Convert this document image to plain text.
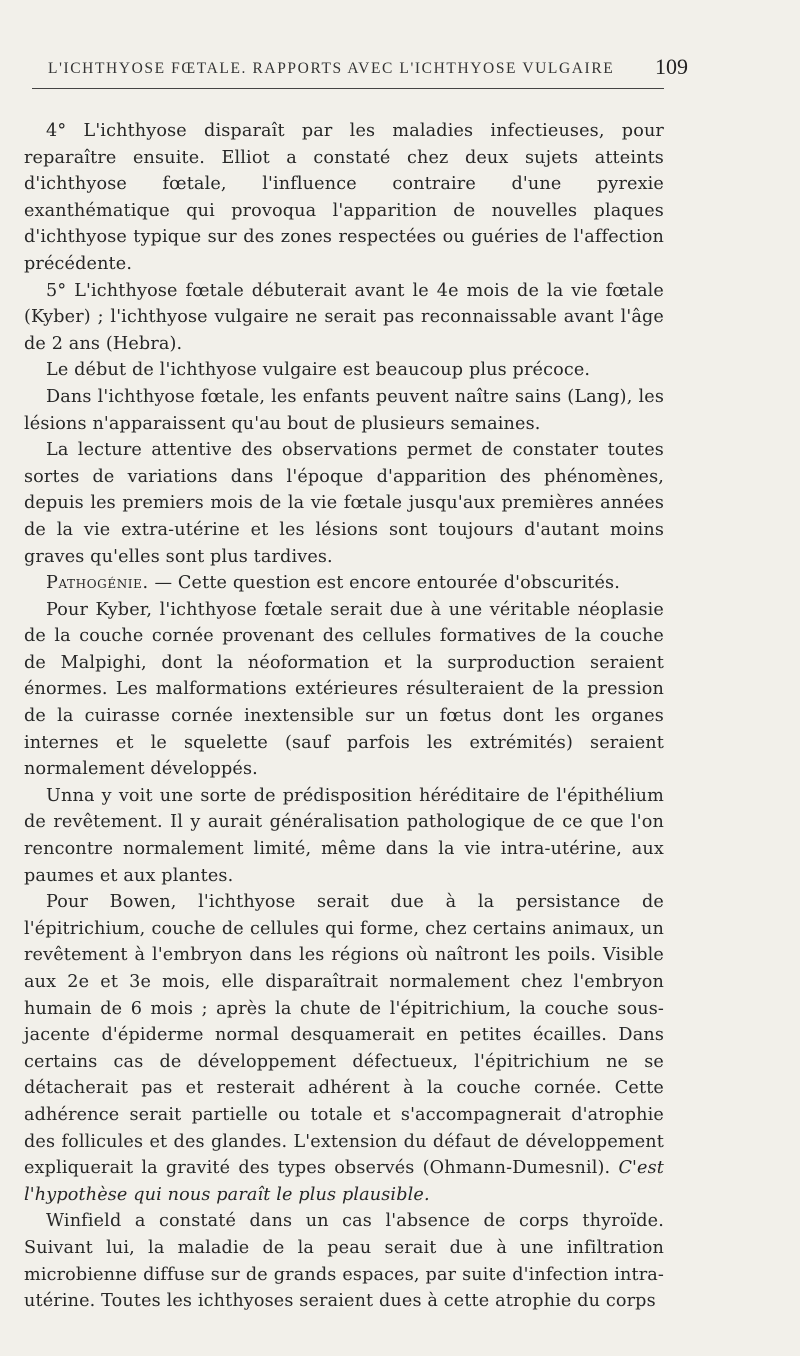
L'ICHTHYOSE FŒTALE. RAPPORTS AVEC L'ICHTHYOSE VULGAIRE 109

4° L'ichthyose disparaît par les maladies infectieuses, pour reparaître ensuite. Elliot a constaté chez deux sujets atteints d'ichthyose fœtale, l'influence contraire d'une pyrexie exanthématique qui provoqua l'apparition de nouvelles plaques d'ichthyose typique sur des zones respectées ou guéries de l'affection précédente.

5° L'ichthyose fœtale débuterait avant le 4e mois de la vie fœtale (Kyber) ; l'ichthyose vulgaire ne serait pas reconnaissable avant l'âge de 2 ans (Hebra).

Le début de l'ichthyose vulgaire est beaucoup plus précoce.

Dans l'ichthyose fœtale, les enfants peuvent naître sains (Lang), les lésions n'apparaissent qu'au bout de plusieurs semaines.

La lecture attentive des observations permet de constater toutes sortes de variations dans l'époque d'apparition des phénomènes, depuis les premiers mois de la vie fœtale jusqu'aux premières années de la vie extra-utérine et les lésions sont toujours d'autant moins graves qu'elles sont plus tardives.

Pathogénie. — Cette question est encore entourée d'obscurités.

Pour Kyber, l'ichthyose fœtale serait due à une véritable néoplasie de la couche cornée provenant des cellules formatives de la couche de Malpighi, dont la néoformation et la surproduction seraient énormes. Les malformations extérieures résulteraient de la pression de la cuirasse cornée inextensible sur un fœtus dont les organes internes et le squelette (sauf parfois les extrémités) seraient normalement développés.

Unna y voit une sorte de prédisposition héréditaire de l'épithélium de revêtement. Il y aurait généralisation pathologique de ce que l'on rencontre normalement limité, même dans la vie intra-utérine, aux paumes et aux plantes.

Pour Bowen, l'ichthyose serait due à la persistance de l'épitrichium, couche de cellules qui forme, chez certains animaux, un revêtement à l'embryon dans les régions où naîtront les poils. Visible aux 2e et 3e mois, elle disparaîtrait normalement chez l'embryon humain de 6 mois ; après la chute de l'épitrichium, la couche sous-jacente d'épiderme normal desquamerait en petites écailles. Dans certains cas de développement défectueux, l'épitrichium ne se détacherait pas et resterait adhérent à la couche cornée. Cette adhérence serait partielle ou totale et s'accompagnerait d'atrophie des follicules et des glandes. L'extension du défaut de développement expliquerait la gravité des types observés (Ohmann-Dumesnil). C'est l'hypothèse qui nous paraît le plus plausible.

Winfield a constaté dans un cas l'absence de corps thyroïde. Suivant lui, la maladie de la peau serait due à une infiltration microbienne diffuse sur de grands espaces, par suite d'infection intra-utérine. Toutes les ichthyoses seraient dues à cette atrophie du corps
